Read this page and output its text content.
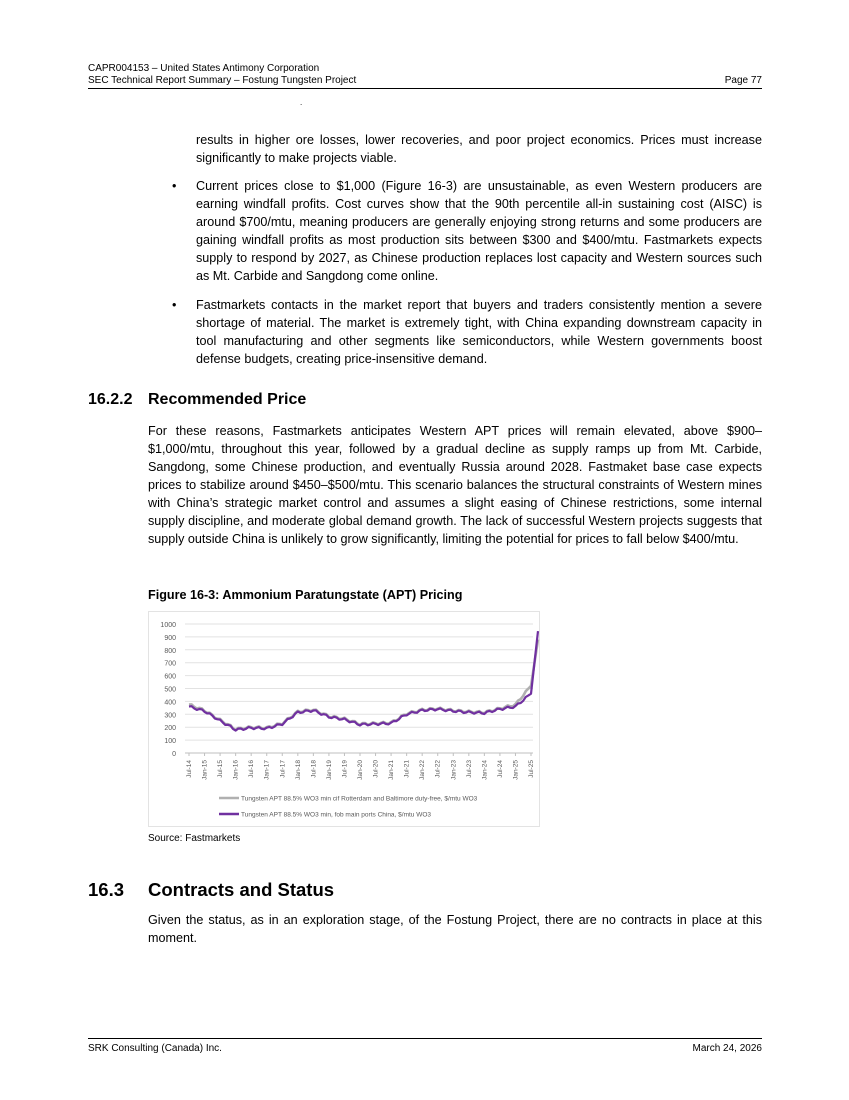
CAPR004153 – United States Antimony Corporation
SEC Technical Report Summary – Fostung Tungsten Project	Page 77
.

results in higher ore losses, lower recoveries, and poor project economics. Prices must increase significantly to make projects viable.

• Current prices close to $1,000 (Figure 16-3) are unsustainable, as even Western producers are earning windfall profits. Cost curves show that the 90th percentile all-in sustaining cost (AISC) is around $700/mtu, meaning producers are generally enjoying strong returns and some producers are gaining windfall profits as most production sits between $300 and $400/mtu. Fastmarkets expects supply to respond by 2027, as Chinese production replaces lost capacity and Western sources such as Mt. Carbide and Sangdong come online.

• Fastmarkets contacts in the market report that buyers and traders consistently mention a severe shortage of material. The market is extremely tight, with China expanding downstream capacity in tool manufacturing and other segments like semiconductors, while Western governments boost defense budgets, creating price-insensitive demand.

16.2.2 Recommended Price

For these reasons, Fastmarkets anticipates Western APT prices will remain elevated, above $900–$1,000/mtu, throughout this year, followed by a gradual decline as supply ramps up from Mt. Carbide, Sangdong, some Chinese production, and eventually Russia around 2028. Fastmaket base case expects prices to stabilize around $450–$500/mtu. This scenario balances the structural constraints of Western mines with China’s strategic market control and assumes a slight easing of Chinese restrictions, some internal supply discipline, and moderate global demand growth. The lack of successful Western projects suggests that supply outside China is unlikely to grow significantly, limiting the potential for prices to fall below $400/mtu.

Figure 16-3: Ammonium Paratungstate (APT) Pricing
0
100
200
300
400
500
600
700
800
900
1000
Jul-14 Jan-15 Jul-15 Jan-16 Jul-16 Jan-17 Jul-17 Jan-18 Jul-18 Jan-19 Jul-19 Jan-20 Jul-20 Jan-21 Jul-21 Jan-22 Jul-22 Jan-23 Jul-23 Jan-24 Jul-24 Jan-25 Jul-25
Tungsten APT 88.5% WO3 min cif Rotterdam and Baltimore duty-free, $/mtu WO3
Tungsten APT 88.5% WO3 min, fob main ports China, $/mtu WO3
Source: Fastmarkets
16.3 Contracts and Status

Given the status, as in an exploration stage, of the Fostung Project, there are no contracts in place at this moment.

SRK Consulting (Canada) Inc.	March 24, 2026
